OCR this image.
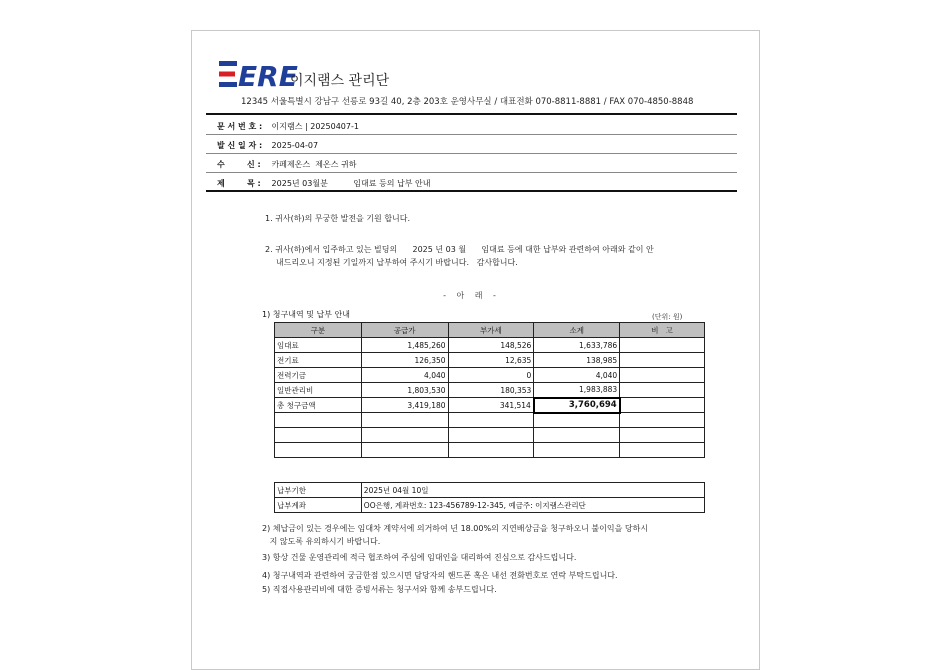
ERE
이지램스 관리단
12345 서울특별시 강남구 선릉로 93길 40, 2층 203호 운영사무실 / 대표전화 070-8811-8881 / FAX 070-4850-8848
문 서 번 호 : 이지램스 | 20250407-1
발 신 일 자 : 2025-04-07
수        신 : 카페제온스  제온스 귀하
제        목 : 2025년 03월분          임대료 등의 납부 안내
1. 귀사(하)의 무궁한 발전을 기원 합니다.
2. 귀사(하)에서 입주하고 있는 빌딩의      2025 년 03 월      임대료 등에 대한 납부와 관련하여 아래와 같이 안
내드리오니 지정된 기일까지 납부하여 주시기 바랍니다.   감사합니다.
- 아 래 -
1) 청구내역 및 납부 안내	(단위: 원)
구분	공급가	부가세	소계	비   고
임대료	1,485,260	148,526	1,633,786	
전기료	126,350	12,635	138,985	
전력기금	4,040	0	4,040	
일반관리비	1,803,530	180,353	1,983,883	
총 청구금액	3,419,180	341,514	3,760,694	

납부기한	2025년 04월 10일
납부계좌	OO은행, 계좌번호: 123-456789-12-345, 예금주: 이지램스관리단
2) 체납금이 있는 경우에는 임대차 계약서에 의거하여 년 18.00%의 지연배상금을 청구하오니 불이익을 당하시
지 않도록 유의하시기 바랍니다.
3) 항상 건물 운영관리에 적극 협조하여 주심에 임대인을 대리하여 진심으로 감사드립니다.
4) 청구내역과 관련하여 궁금한점 있으시면 담당자의 핸드폰 혹은 내선 전화번호로 연락 부탁드립니다.
5) 직접사용관리비에 대한 증빙서류는 청구서와 함께 송부드립니다.
